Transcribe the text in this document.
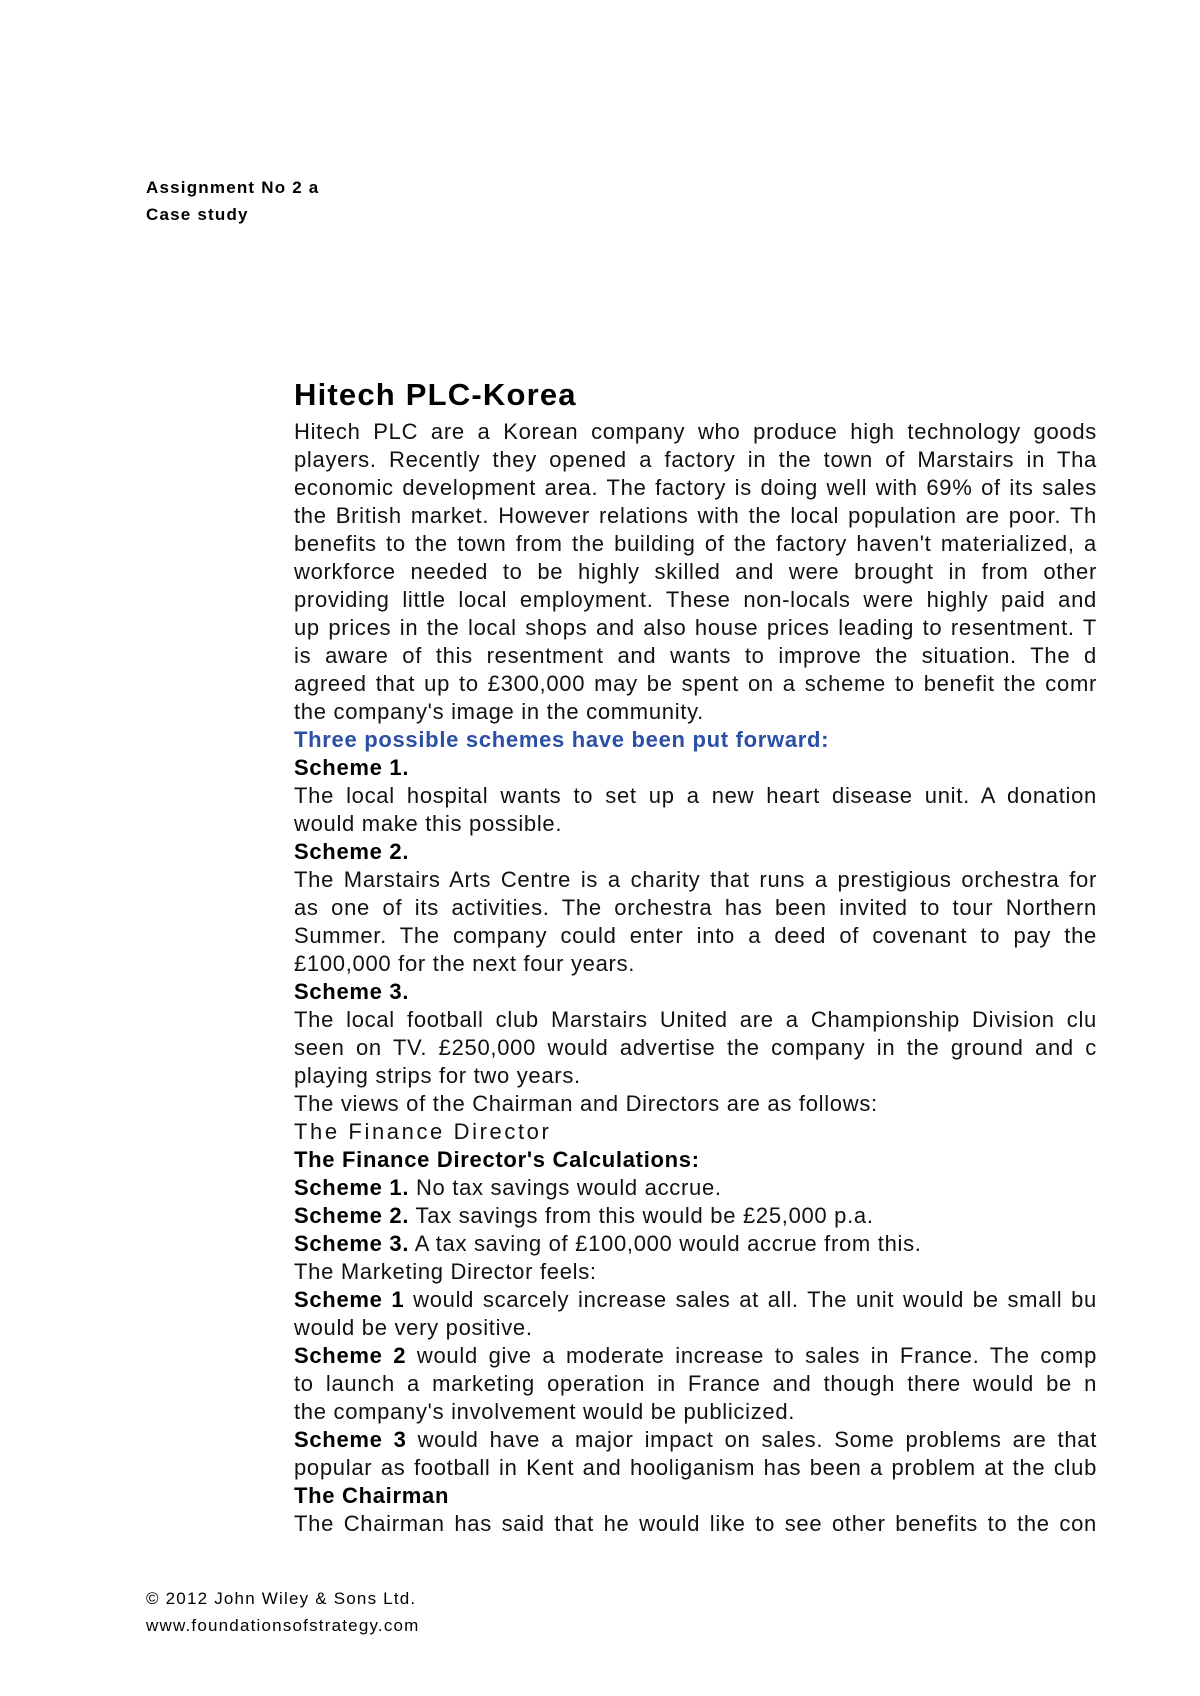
Assignment No 2 a
Case study
Hitech PLC-Korea
Hitech PLC are a Korean company who produce high technology goods
players. Recently they opened a factory in the town of Marstairs in Tha
economic development area. The factory is doing well with 69% of its sales
the British market. However relations with the local population are poor. Th
benefits to the town from the building of the factory haven't materialized, a
workforce needed to be highly skilled and were brought in from other
providing little local employment. These non-locals were highly paid and
up prices in the local shops and also house prices leading to resentment. T
is aware of this resentment and wants to improve the situation. The d
agreed that up to £300,000 may be spent on a scheme to benefit the comr
the company's image in the community.
Three possible schemes have been put forward:
Scheme 1.
The local hospital wants to set up a new heart disease unit. A donation
would make this possible.
Scheme 2.
The Marstairs Arts Centre is a charity that runs a prestigious orchestra for
as one of its activities. The orchestra has been invited to tour Northern
Summer. The company could enter into a deed of covenant to pay the
£100,000 for the next four years.
Scheme 3.
The local football club Marstairs United are a Championship Division clu
seen on TV. £250,000 would advertise the company in the ground and c
playing strips for two years.
The views of the Chairman and Directors are as follows:
The Finance Director
The Finance Director's Calculations:
Scheme 1. No tax savings would accrue.
Scheme 2. Tax savings from this would be £25,000 p.a.
Scheme 3. A tax saving of £100,000 would accrue from this.
The Marketing Director feels:
Scheme 1 would scarcely increase sales at all. The unit would be small bu
would be very positive.
Scheme 2 would give a moderate increase to sales in France. The comp
to launch a marketing operation in France and though there would be n
the company's involvement would be publicized.
Scheme 3 would have a major impact on sales. Some problems are that
popular as football in Kent and hooliganism has been a problem at the club
The Chairman
The Chairman has said that he would like to see other benefits to the con
© 2012 John Wiley & Sons Ltd.
www.foundationsofstrategy.com
